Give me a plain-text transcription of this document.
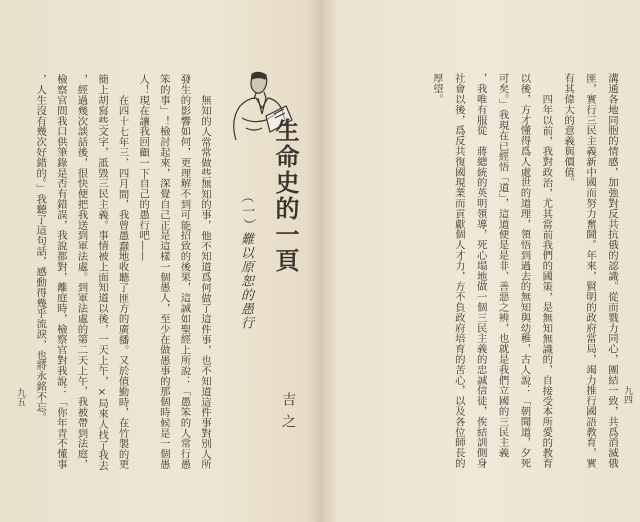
生命史的一頁
（一）難以原恕的愚行
吉之

無知的人常常做些無知的事，他不知道爲何做了這件事，也不知道這件事對別人所

發生的影響如何，更理解不到可能招致的後果，這誠如聖經上所說：「愚笨的人常行愚

笨的事」！檢討起來，深覺自己正是這樣一個愚人，至少在做愚事的那個時候是一個愚

人！現在讓我回顧一下自己的愚行吧——

在四十七年三、四月間，我曾愚蠢地收聽了匪方的廣播。又於值勤時，在竹製的更

簡上胡寫些文字，詆毀三民主義。事情被上面知道以後，一天上午，×局來人找了我去

，經過幾次談話後，很快便把我送到軍法處。到軍法處的第二天上午，我被帶到法庭，

檢察官問我口供筆錄是否有錯誤，我說都對，離庭時，檢察官對我說：「你年青不懂事

，人生沒有幾次好錯的。」我聽了這句話，感動得幾乎流淚，也將永銘不忘。

九五	溝通各地同胞的情感，加強對反共抗俄的認識。從而戮力同心，團結一致，共爲消滅俄

匪，實行三民主義新中國而努力奮鬪。年來，賢明的政府當局，竭力推行國語教育，實

有其偉大的意義與價值。

四年以前，我對政治，尤其當前我們的國策，是無知無識的，自接受本所愛的教育

以後，方才懂得爲人處世的道理，領悟到過去的無知與幼稚，古人說：「朝聞道，夕死

可矣。」我現在已經悟「道」，這道便是是非、善惡之辨，也就是我們立國的三民主義

，我唯有服從　蔣總統的英明領導，死心塌地做一個三民主義的忠誠信徒，俟結訓側身

社會以後，爲反共復國現業而貢獻個人才力，方不負政府培育的苦心，以及各位師長的

厚望。

九四
